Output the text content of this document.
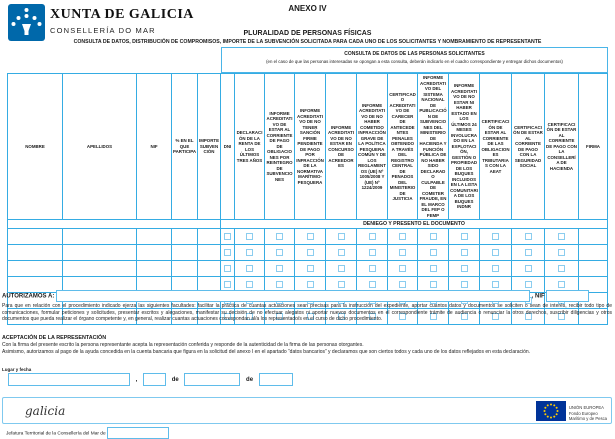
XUNTA DE GALICIA
CONSELLERÍA DO MAR
ANEXO IV
PLURALIDAD DE PERSONAS FÍSICAS
CONSULTA DE DATOS, DISTRIBUCIÓN DE COMPROMISOS, IMPORTE DE LA SUBVENCIÓN SOLICITADA PARA CADA UNO DE LOS SOLICITANTES Y NOMBRAMIENTO DE REPRESENTANTE
CONSULTA DE DATOS DE LAS PERSONAS SOLICITANTES
(en el caso de que las personas interesadas se opongan a esta consulta, deberán indicarlo en el cuadro correspondiente y entregar dichos documentos)
NOMBRE	APELLIDOS	NIF	% EN EL QUE PARTICIPA	IMPORTE SUBVENCIÓN	DNI	DECLARACIÓN DE LA RENTA DE LOS ÚLTIMOS TRES AÑOS	INFORME ACREDITATIVO DE ESTAR AL CORRIENTE DE PAGO DE OBLIGACIONES POR REINTEGRO DE SUBVENCIONES	INFORME ACREDITATIVO DE NO TENER SANCIÓN FIRME PENDIENTE DE PAGO POR INFRACCIÓN DE LA NORMATIVA MARÍTIMO-PESQUERA	INFORME ACREDITATIVO DE NO ESTAR EN CONCURSO DE ACREEDORES	INFORME ACREDITATIVO DE NO HABER COMETIDO INFRACCIÓN GRAVE DE LA POLÍTICA PESQUERA COMÚN Y DE LOS REGLAMENTOS (UE) Nº 1005/2008 Y (UE) Nº 1224/2009	CERTIFICADO ACREDITATIVO DE CARECER DE ANTECEDENTES PENALES OBTENIDO A TRAVÉS DEL REGISTRO CENTRAL DE PENADOS DEL MINISTERIO DE JUSTICIA	INFORME ACREDITATIVO DEL SISTEMA NACIONAL DE PUBLICACIÓN DE SUBVENCIONES DEL MINISTERIO DE HACIENDA Y FUNCIÓN PÚBLICA DE NO HABER SIDO DECLARADO CULPABLE DE COMETER FRAUDE, EN EL MARCO DEL FEP O FEMP	INFORME ACREDITATIVO DE NO ESTAR NI HABER ESTADO EN LOS ÚLTIMOS 24 MESES INVOLUCRADO EN LA EXPLOTACIÓN, GESTIÓN O PROPIEDAD DE LOS BUQUES INCLUIDOS EN LA LISTA COMUNITARIA DE LOS BUQUES INDNR	CERTIFICACIÓN DE ESTAR AL CORRIENTE DE LAS OBLIGACIONES TRIBUTARIAS CON LA AEAT	CERTIFICACIÓN DE ESTAR AL CORRIENTE DE PAGO CON LA SEGURIDAD SOCIAL	CERTIFICACIÓN DE ESTAR AL CORRIENTE DE PAGO CON LA CONSELLERÍA DE HACIENDA	FIRMA
					DENIEGO Y PRESENTO EL DOCUMENTO												

AUTORIZAMOS A:	, NIF
Para que en relación con el procedimiento indicado ejerza las siguientes facultades: facilitar la práctica de cuantas actuaciones sean precisas para la instrucción del expediente, aportar cuantos datos y documentos se soliciten o sean de interés, recibir todo tipo de comunicaciones, formular peticiones y solicitudes, presentar escritos y alegaciones, manifestar su decisión de no efectuar alegatos ni aportar nuevos documentos en el correspondiente trámite de audiencia o renunciar la otros derechos, suscribir diligencias y otros documentos que pueda realizar el órgano competente y, en general, realizar cuantas actuaciones correspondan al/a los representado/s en el curso de dicho procedimiento.
ACEPTACIÓN DE LA REPRESENTACIÓN
Con la firma del presente escrito la persona representante acepta la representación conferida y responde de la autenticidad de la firma de las personas otorgantes.
Asimismo, autorizamos al pago de la ayuda concedida en la cuenta bancaria que figura en la solicitud del anexo I en el apartado “datos bancarios” y declaramos que son ciertos todos y cada uno de los datos reflejados en esta declaración.
Lugar y fecha
,	de	de
galicia	UNIÓN EUROPEA
Fondo Europeo
Marítimo y de Pesca
Jefatura Territorial de la Consellería del Mar de
